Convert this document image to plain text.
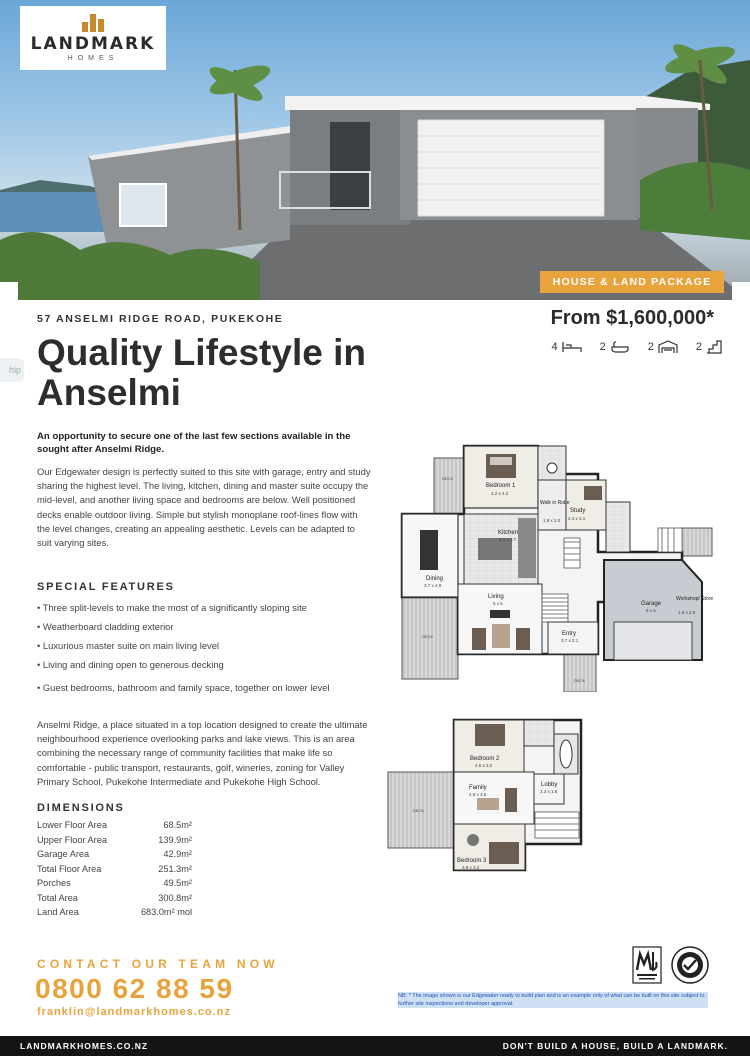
LANDMARK
HOMES
HOUSE & LAND PACKAGE
hip
57 ANSELMI RIDGE ROAD, PUKEKOHE	From $1,600,000*
4	2	2	2
Quality Lifestyle in Anselmi

An opportunity to secure one of the last few sections available in the sought after Anselmi Ridge.

Our Edgewater design is perfectly suited to this site with garage, entry and study sharing the highest level. The living, kitchen, dining and master suite occupy the mid-level, and another living space and bedrooms are below. Well positioned decks enable outdoor living. Simple but stylish monoplane roof-lines flow with the level changes, creating an appealing aesthetic. Levels can be adapted to suit varying sites.

SPECIAL FEATURES
• Three split-levels to make the most of a significantly sloping site
• Weatherboard cladding exterior
• Luxurious master suite on main living level
• Living and dining open to generous decking
• Guest bedrooms, bathroom and family space, together on lower level

Anselmi Ridge, a place situated in a top location designed to create the ultimate neighbourhood experience overlooking parks and lake views. This is an area combining the necessary range of community facilities that make life so comfortable - public transport, restaurants, golf, wineries, zoning for Valley Primary School, Pukekohe Intermediate and Pukekohe High School.

DIMENSIONS
Lower Floor Area	68.5m²
Upper Floor Area	139.9m²
Garage Area	42.9m²
Total Floor Area	251.3m²
Porches	49.5m²
Total Area	300.8m²
Land Area	683.0m² mol
Bedroom 1
4.2 x 4.2
Walk in Robe
1.8 x 2.0
Study
2.4 x 3.1
Kitchen
4.2 x 3.7
Dining
3.7 x 4.8
Living
5 x 6	Garage
6 x 6
Workshop/ Store
1.9 x 2.8
Entry
3.7 x 2.1
DECK
DECK
DECK
Bedroom 2
4.5 x 3.2
Family
4.8 x 3.6
Lobby
3.3 x 1.8
Bedroom 3
3.8 x 3.2
DECK
CONTACT OUR TEAM NOW
0800 62 88 59
franklin@landmarkhomes.co.nz

NB: * The image shown is our Edgewater ready to build plan and is an example only of what can be built on this site subject to further site inspections and developer approval.

LANDMARKHOMES.CO.NZ	DON'T BUILD A HOUSE, BUILD A LANDMARK.
